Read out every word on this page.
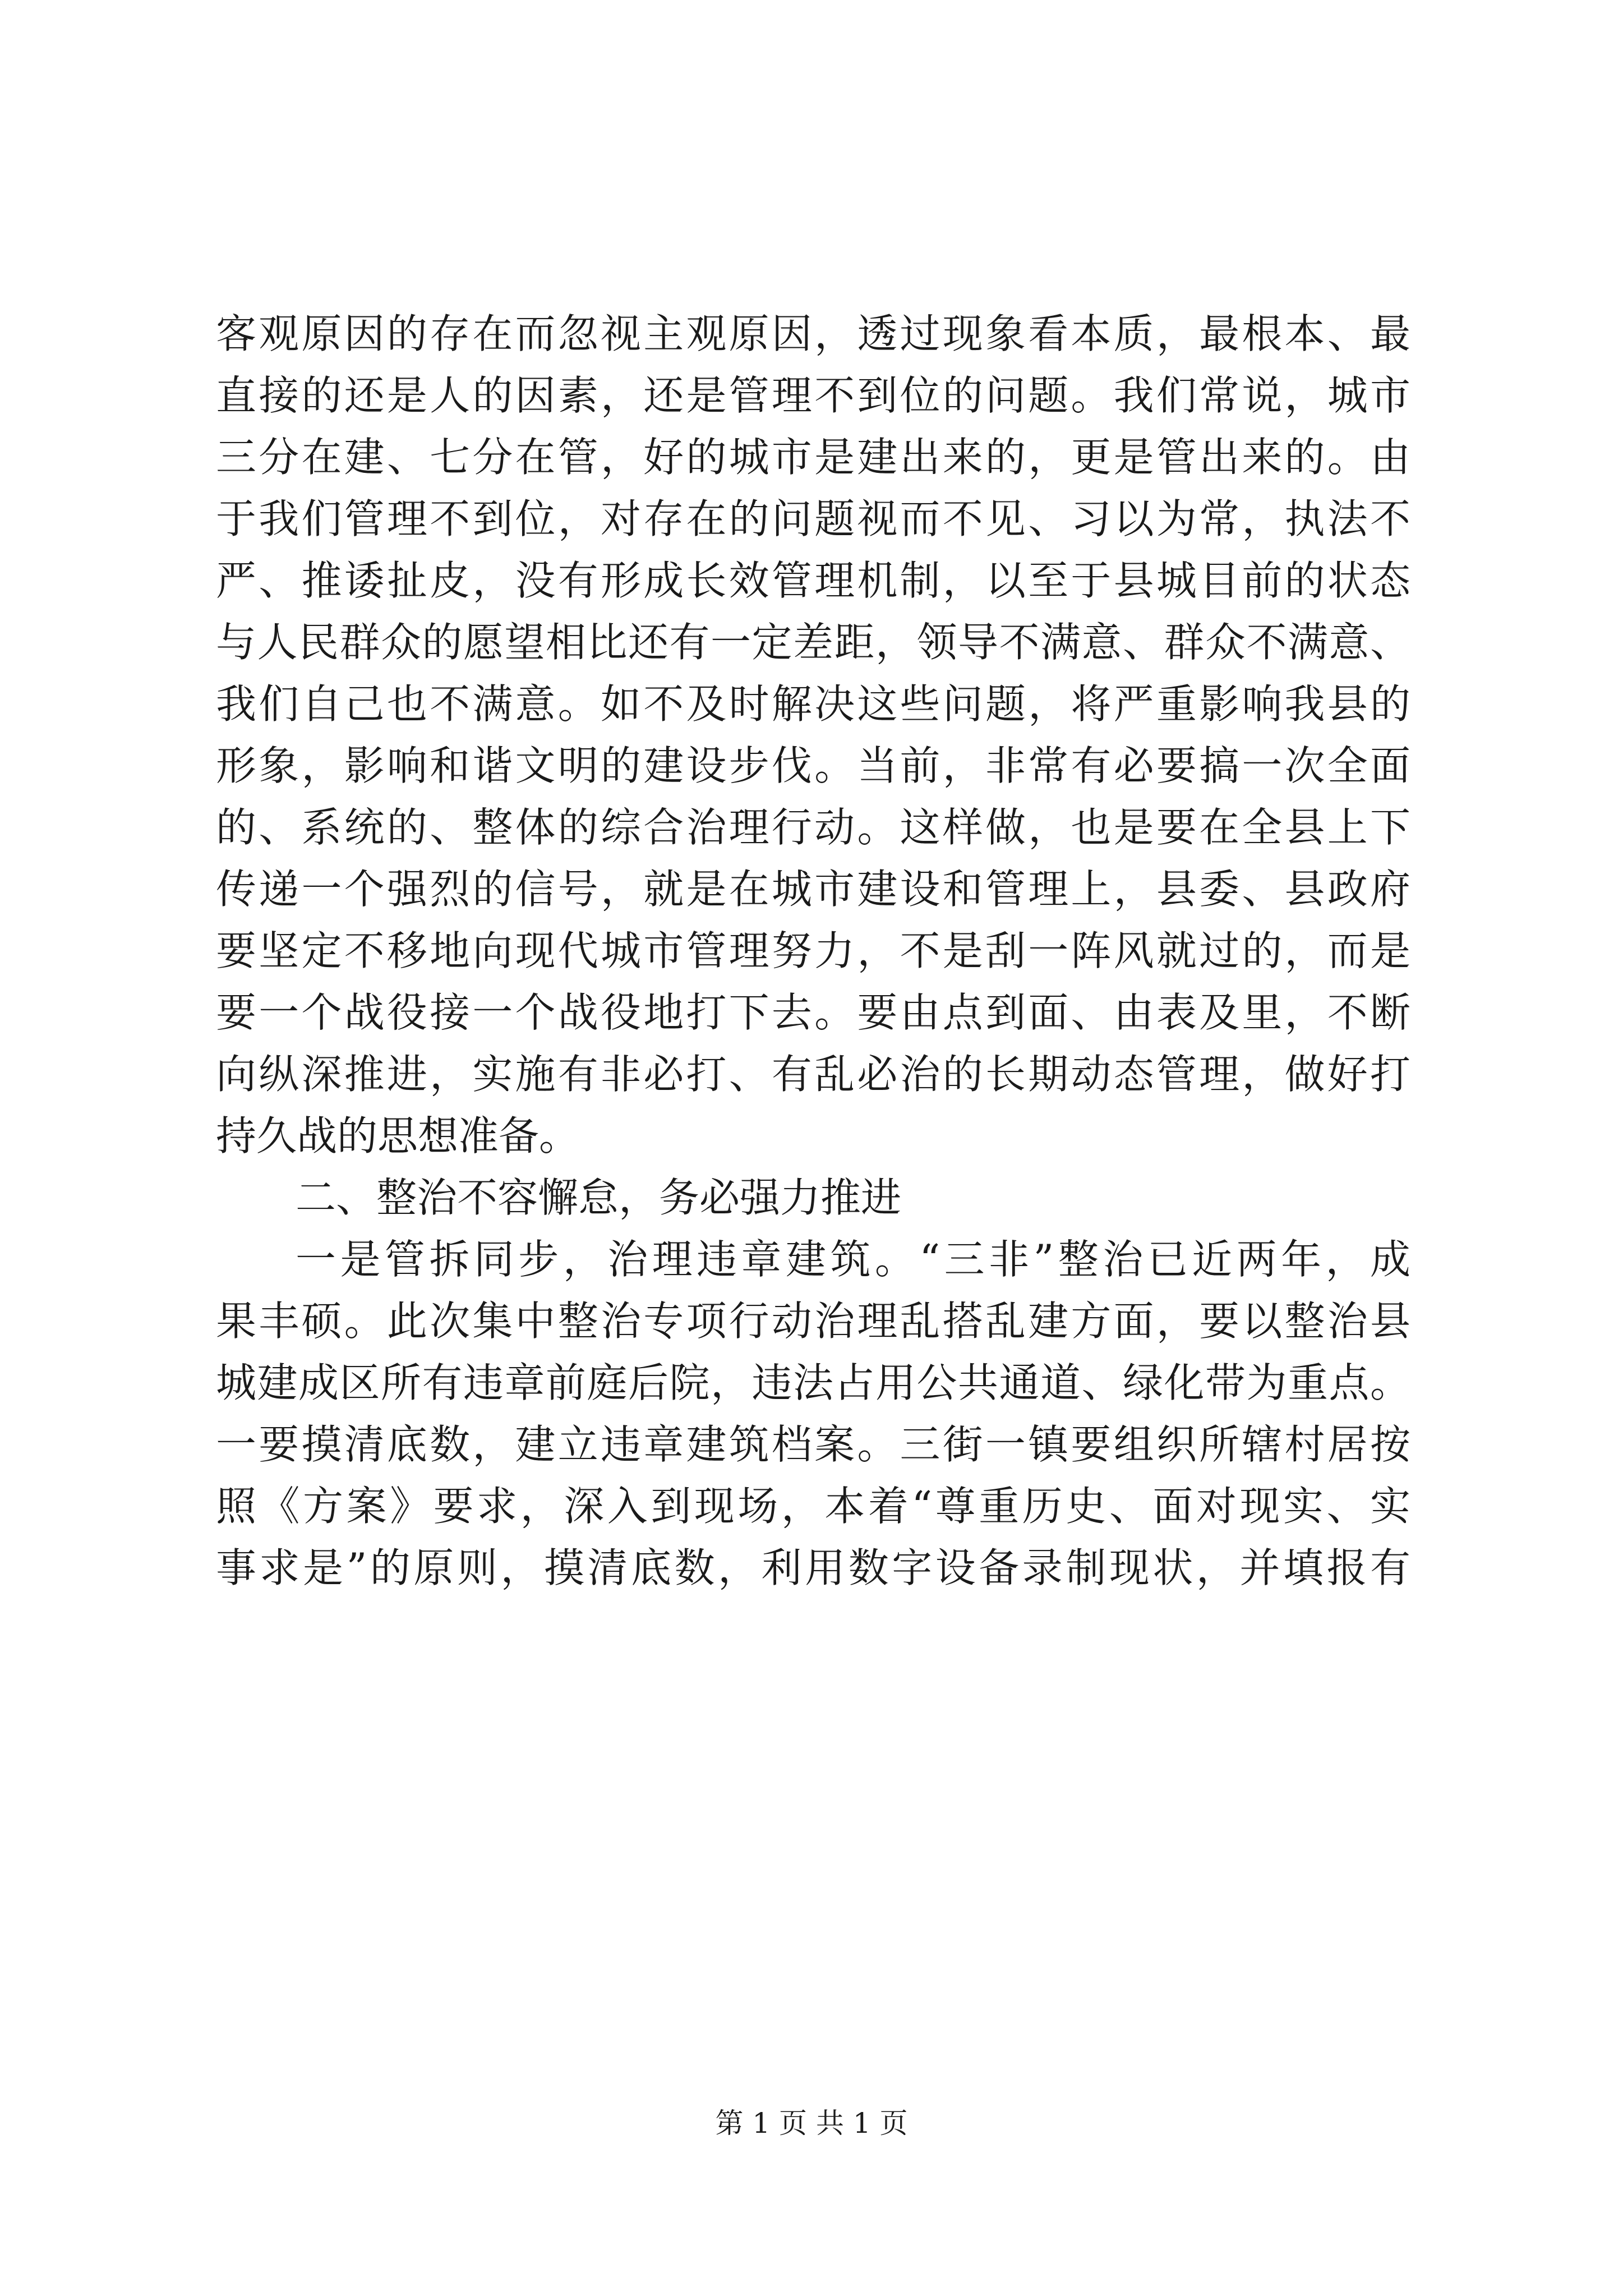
客观原因的存在而忽视主观原因，透过现象看本质，最根本、最
直接的还是人的因素，还是管理不到位的问题。我们常说，城市
三分在建、七分在管，好的城市是建出来的，更是管出来的。由
于我们管理不到位，对存在的问题视而不见、习以为常，执法不
严、推诿扯皮，没有形成长效管理机制，以至于县城目前的状态
与人民群众的愿望相比还有一定差距，领导不满意、群众不满意、
我们自己也不满意。如不及时解决这些问题，将严重影响我县的
形象，影响和谐文明的建设步伐。当前，非常有必要搞一次全面
的、系统的、整体的综合治理行动。这样做，也是要在全县上下
传递一个强烈的信号，就是在城市建设和管理上，县委、县政府
要坚定不移地向现代城市管理努力，不是刮一阵风就过的，而是
要一个战役接一个战役地打下去。要由点到面、由表及里，不断
向纵深推进，实施有非必打、有乱必治的长期动态管理，做好打
持久战的思想准备。
二、整治不容懈怠，务必强力推进
一是管拆同步，治理违章建筑。“三非”整治已近两年，成
果丰硕。此次集中整治专项行动治理乱搭乱建方面，要以整治县
城建成区所有违章前庭后院，违法占用公共通道、绿化带为重点。
一要摸清底数，建立违章建筑档案。三街一镇要组织所辖村居按
照《方案》要求，深入到现场，本着“尊重历史、面对现实、实
事求是”的原则，摸清底数，利用数字设备录制现状，并填报有
第 1 页 共 1 页
